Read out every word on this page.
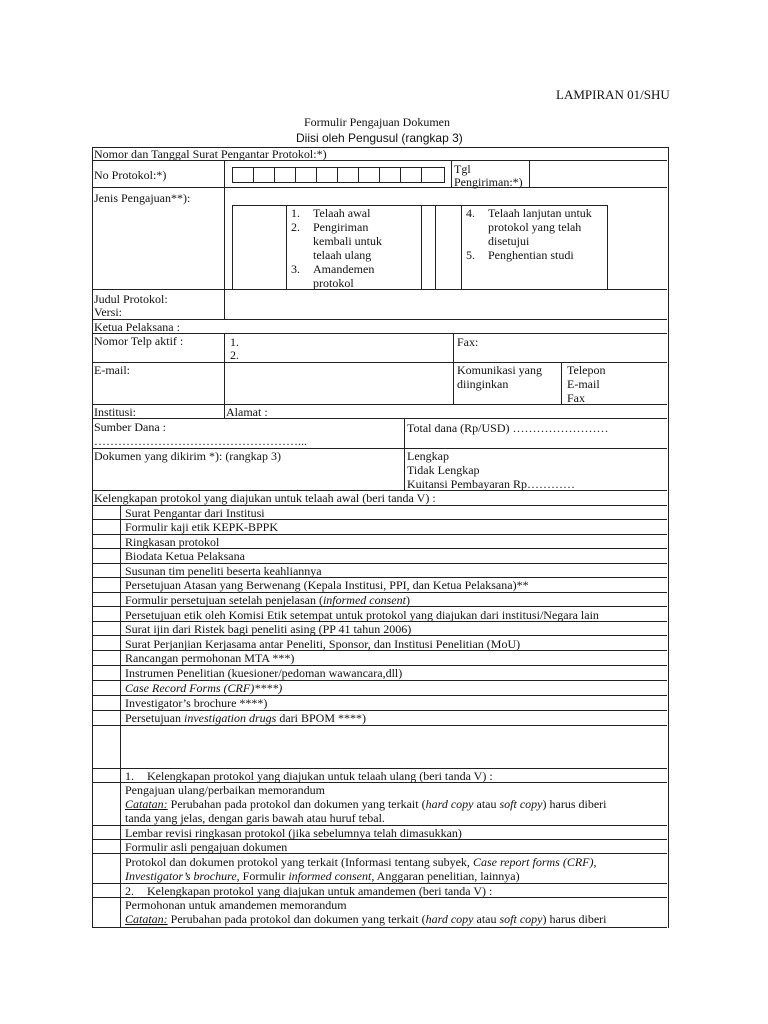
LAMPIRAN 01/SHU
Formulir Pengajuan Dokumen
Diisi oleh Pengusul (rangkap 3)
Nomor dan Tanggal Surat Pengantar Protokol:*)
No Protokol:*)	Tgl
Pengiriman:*)
Jenis Pengajuan**):
1. Telaah awal
2. Pengiriman
kembali untuk
telaah ulang
3. Amandemen
protokol
4. Telaah lanjutan untuk
protokol yang telah
disetujui
5. Penghentian studi
Judul Protokol:
Versi:
Ketua Pelaksana :
Nomor Telp aktif :	1.
2.
Fax:
E-mail:	Komunikasi yang
diinginkan
Telepon
E-mail
Fax
Institusi:	Alamat :
Sumber Dana :
……………………………………………...
Total dana (Rp/USD) ……………………
Dokumen yang dikirim *): (rangkap 3)	Lengkap
Tidak Lengkap
Kuitansi Pembayaran Rp…………
Kelengkapan protokol yang diajukan untuk telaah awal (beri tanda V) :
Surat Pengantar dari Institusi
Formulir kaji etik KEPK-BPPK
Ringkasan protokol
Biodata Ketua Pelaksana
Susunan tim peneliti beserta keahliannya
Persetujuan Atasan yang Berwenang (Kepala Institusi, PPI, dan Ketua Pelaksana)**
Formulir persetujuan setelah penjelasan (informed consent)
Persetujuan etik oleh Komisi Etik setempat untuk protokol yang diajukan dari institusi/Negara lain
Surat ijin dari Ristek bagi peneliti asing (PP 41 tahun 2006)
Surat Perjanjian Kerjasama antar Peneliti, Sponsor, dan Institusi Penelitian (MoU)
Rancangan permohonan MTA ***)
Instrumen Penelitian (kuesioner/pedoman wawancara,dll)
Case Record Forms (CRF)****)
Investigator’s brochure ****)
Persetujuan investigation drugs dari BPOM ****)
1. Kelengkapan protokol yang diajukan untuk telaah ulang (beri tanda V) :
Pengajuan ulang/perbaikan memorandum
Catatan: Perubahan pada protokol dan dokumen yang terkait (hard copy atau soft copy) harus diberi
tanda yang jelas, dengan garis bawah atau huruf tebal.
Lembar revisi ringkasan protokol (jika sebelumnya telah dimasukkan)
Formulir asli pengajuan dokumen
Protokol dan dokumen protokol yang terkait (Informasi tentang subyek, Case report forms (CRF),
Investigator’s brochure, Formulir informed consent, Anggaran penelitian, lainnya)
2. Kelengkapan protokol yang diajukan untuk amandemen (beri tanda V) :
Permohonan untuk amandemen memorandum
Catatan: Perubahan pada protokol dan dokumen yang terkait (hard copy atau soft copy) harus diberi
